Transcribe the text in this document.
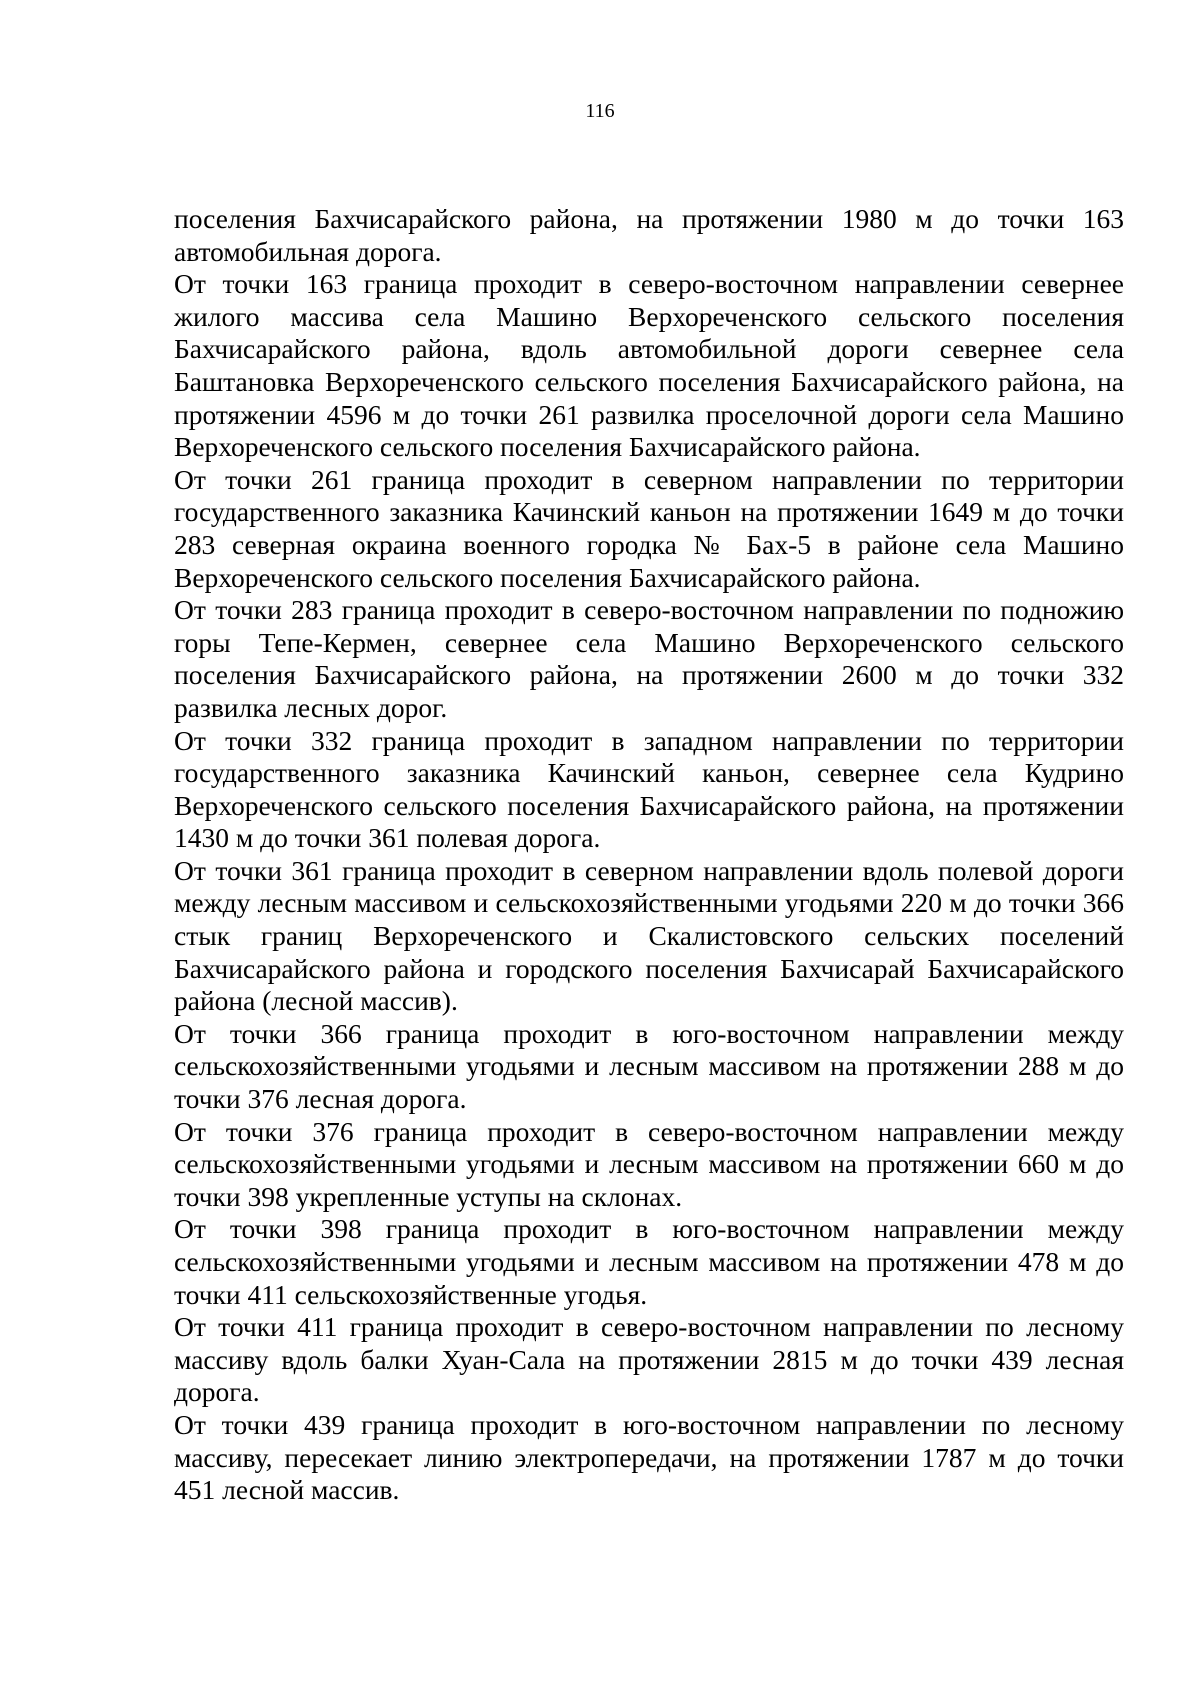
116

поселения Бахчисарайского района, на протяжении 1980 м до точки 163 автомобильная дорога.

От точки 163 граница проходит в северо-восточном направлении севернее жилого массива села Машино Верхореченского сельского поселения Бахчисарайского района, вдоль автомобильной дороги севернее села Баштановка Верхореченского сельского поселения Бахчисарайского района, на протяжении 4596 м до точки 261 развилка проселочной дороги села Машино Верхореченского сельского поселения Бахчисарайского района.

От точки 261 граница проходит в северном направлении по территории государственного заказника Качинский каньон на протяжении 1649 м до точки 283 северная окраина военного городка № Бах-5 в районе села Машино Верхореченского сельского поселения Бахчисарайского района.

От точки 283 граница проходит в северо-восточном направлении по подножию горы Тепе-Кермен, севернее села Машино Верхореченского сельского поселения Бахчисарайского района, на протяжении 2600 м до точки 332 развилка лесных дорог.

От точки 332 граница проходит в западном направлении по территории государственного заказника Качинский каньон, севернее села Кудрино Верхореченского сельского поселения Бахчисарайского района, на протяжении 1430 м до точки 361 полевая дорога.

От точки 361 граница проходит в северном направлении вдоль полевой дороги между лесным массивом и сельскохозяйственными угодьями 220 м до точки 366 стык границ Верхореченского и Скалистовского сельских поселений Бахчисарайского района и городского поселения Бахчисарай Бахчисарайского района (лесной массив).

От точки 366 граница проходит в юго-восточном направлении между сельскохозяйственными угодьями и лесным массивом на протяжении 288 м до точки 376 лесная дорога.

От точки 376 граница проходит в северо-восточном направлении между сельскохозяйственными угодьями и лесным массивом на протяжении 660 м до точки 398 укрепленные уступы на склонах.

От точки 398 граница проходит в юго-восточном направлении между сельскохозяйственными угодьями и лесным массивом на протяжении 478 м до точки 411 сельскохозяйственные угодья.

От точки 411 граница проходит в северо-восточном направлении по лесному массиву вдоль балки Хуан-Сала на протяжении 2815 м до точки 439 лесная дорога.

От точки 439 граница проходит в юго-восточном направлении по лесному массиву, пересекает линию электропередачи, на протяжении 1787 м до точки 451 лесной массив.
